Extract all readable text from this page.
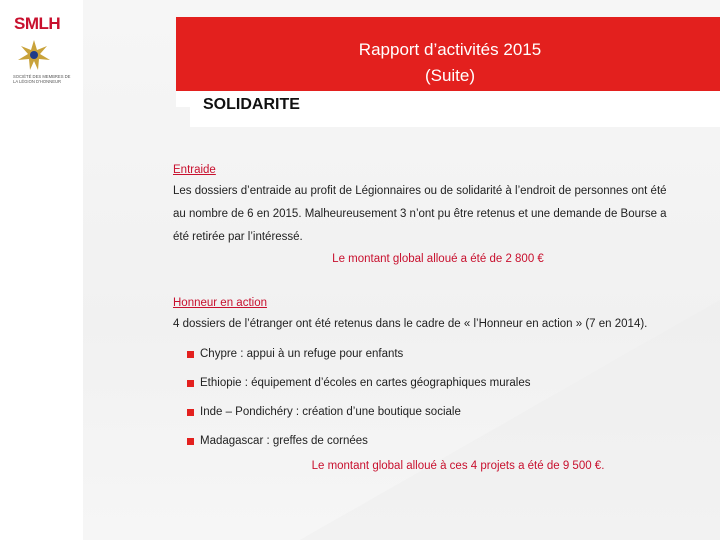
SMLH
SOCIÉTÉ DES MEMBRES DE LA LÉGION D'HONNEUR
Rapport d’activités 2015
(Suite)
SOLIDARITE
Entraide

Les dossiers d’entraide au profit de Légionnaires ou de solidarité à l’endroit de personnes ont été

au nombre de 6 en 2015. Malheureusement 3 n’ont pu être retenus et une demande de Bourse a

été retirée par l’intéressé.

Le montant global alloué a été de 2 800 €
Honneur en action

4 dossiers de l’étranger ont été retenus dans le cadre de « l’Honneur en action » (7 en 2014).

Chypre : appui à un refuge pour enfants
Ethiopie : équipement d’écoles en cartes géographiques murales
Inde – Pondichéry : création d’une boutique sociale
Madagascar : greffes de cornées
Le montant global alloué à ces 4 projets a été de 9 500 €.
